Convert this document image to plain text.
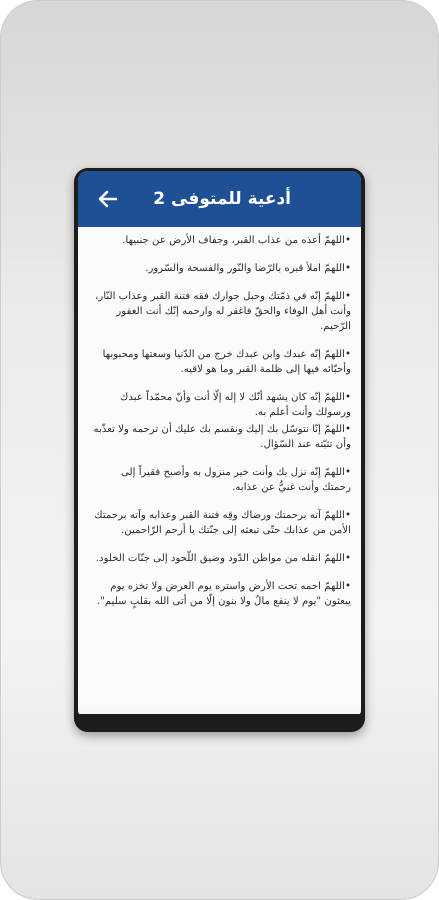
أدعية للمتوفى 2

•اللهمّ أعذه من عذاب القبر، وجفاف الأرض عن جنبيها.

•اللهمّ املأ قبره بالرّضا والنّور والفسحة والسّرور.

•اللهمّ إنّه في ذمّتك وحبل جوارك فقه فتنة القبر وعذاب النّار، وأنت أهل الوفاء والحقّ فاغفر له وارحمه إنّك أنت الغفور الرّحيم.

•اللهمّ إنّه عبدك وابن عبدك خرج من الدّنيا وسعتها ومحبوبها وأحبّائه فيها إلى ظلمة القبر وما هو لاقيه.

•اللهمّ إنّه كان يشهد أنّك لا إله إلّا أنت وأنّ محمّداً عبدك ورسولك وأنت أعلم به.

•اللهمّ إنّا نتوسّل بك إليك ونقسم بك عليك أن ترحمه ولا تعذّبه وأن تثبّته عند السّؤال.

•اللهمّ إنّه نزل بك وأنت خير منزول به وأصبح فقيراً إلى رحمتك وأنت غنيٌّ عن عذابه.

•اللهمّ آته برحمتك ورضاك وقِه فتنة القبر وعذابه وآته برحمتك الأمن من عذابك حتّى تبعثه إلى جنّتك يا أرحم الرّاحمين.

•اللهمّ انقله من مواطن الدّود وضيق اللّحود إلى جنّات الخلود.

•اللهمّ احمه تحت الأرض واستره يوم العرض ولا تخزه يوم يبعثون "يوم لا ينفع مالٌ ولا بنون إلّا من أتى الله بقلبٍ سليم".
